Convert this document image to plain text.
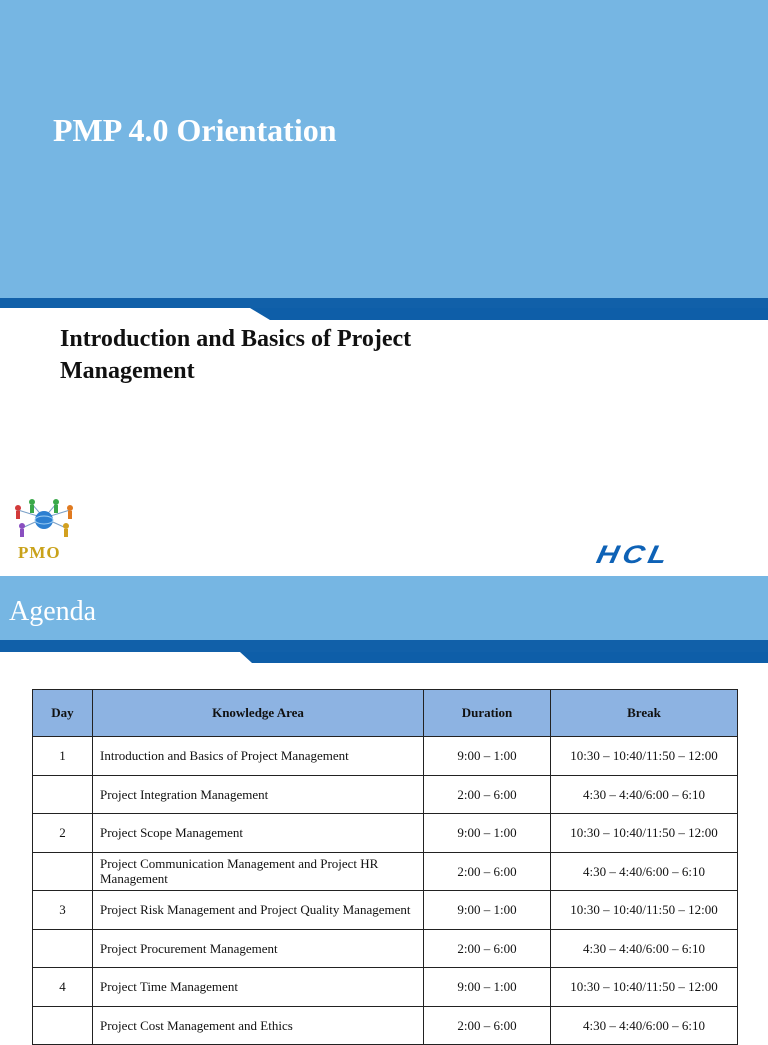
PMP 4.0 Orientation
Introduction and Basics of Project Management
PMO	HCL
Agenda
Day	Knowledge Area	Duration	Break
1	Introduction and Basics of Project Management	9:00 – 1:00	10:30 – 10:40/11:50 – 12:00
	Project Integration Management	2:00 – 6:00	4:30 – 4:40/6:00 – 6:10
2	Project Scope Management	9:00 – 1:00	10:30 – 10:40/11:50 – 12:00
	Project Communication Management and Project HR Management	2:00 – 6:00	4:30 – 4:40/6:00 – 6:10
3	Project Risk Management and Project Quality Management	9:00 – 1:00	10:30 – 10:40/11:50 – 12:00
	Project Procurement Management	2:00 – 6:00	4:30 – 4:40/6:00 – 6:10
4	Project Time Management	9:00 – 1:00	10:30 – 10:40/11:50 – 12:00
	Project Cost Management and Ethics	2:00 – 6:00	4:30 – 4:40/6:00 – 6:10
